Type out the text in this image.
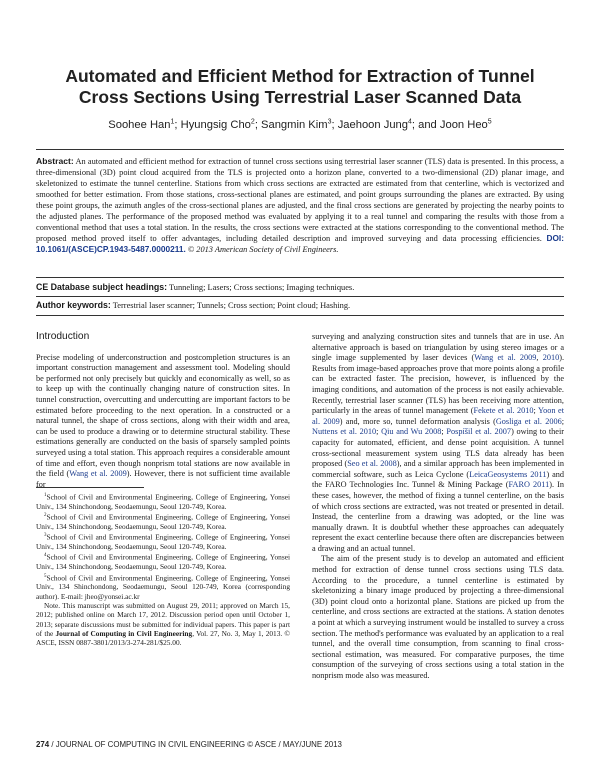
Automated and Efficient Method for Extraction of Tunnel
Cross Sections Using Terrestrial Laser Scanned Data
Soohee Han$^1$; Hyungsig Cho$^2$; Sangmin Kim$^3$; Jaehoon Jung$^4$; and Joon Heo$^5$
Abstract: An automated and efficient method for extraction of tunnel cross sections using terrestrial laser scanner (TLS) data is presented. In this process, a three-dimensional (3D) point cloud acquired from the TLS is projected onto a horizon plane, converted to a two-dimensional (2D) planar image, and skeletonized to estimate the tunnel centerline. Stations from which cross sections are extracted are estimated from that centerline, which is vectorized and smoothed for better estimation. From those stations, cross-sectional planes are estimated, and point groups surrounding the planes are extracted. By using these point groups, the azimuth angles of the cross-sectional planes are adjusted, and the final cross sections are generated by projecting the nearby points to the adjusted planes. The performance of the proposed method was evaluated by applying it to a real tunnel and comparing the results with those from a conventional method that uses a total station. In the results, the cross sections were extracted at the stations corresponding to the conventional method. The proposed method proved itself to offer advantages, including detailed description and improved surveying and data processing efficiencies. DOI: 10.1061/(ASCE)CP.1943-5487.0000211. © 2013 American Society of Civil Engineers.
CE Database subject headings: Tunneling; Lasers; Cross sections; Imaging techniques.
Author keywords: Terrestrial laser scanner; Tunnels; Cross section; Point cloud; Hashing.
Introduction

Precise modeling of underconstruction and postcompletion structures is an important construction management and assessment tool. Modeling should be performed not only precisely but quickly and economically as well, so as to keep up with the continually changing nature of construction sites. In tunnel construction, overcutting and undercutting are important factors to be estimated before proceeding to the next operation. In a constructed or a natural tunnel, the shape of cross sections, along with their width and area, can be used to produce a drawing or to determine structural stability. These estimations generally are conducted on the basis of sparsely sampled points surveyed using a total station. This approach requires a considerable amount of time and effort, even though nonprism total stations are now available in the field (Wang et al. 2009). However, there is not sufficient time available for

$^1$School of Civil and Environmental Engineering, College of Engineering, Yonsei Univ., 134 Shinchondong, Seodaemungu, Seoul 120-749, Korea.

$^2$School of Civil and Environmental Engineering, College of Engineering, Yonsei Univ., 134 Shinchondong, Seodaemungu, Seoul 120-749, Korea.

$^3$School of Civil and Environmental Engineering, College of Engineering, Yonsei Univ., 134 Shinchondong, Seodaemungu, Seoul 120-749, Korea.

$^4$School of Civil and Environmental Engineering, College of Engineering, Yonsei Univ., 134 Shinchondong, Seodaemungu, Seoul 120-749, Korea.

$^5$School of Civil and Environmental Engineering, College of Engineering, Yonsei Univ., 134 Shinchondong, Seodaemungu, Seoul 120-749, Korea (corresponding author). E-mail: jheo@yonsei.ac.kr

Note. This manuscript was submitted on August 29, 2011; approved on March 15, 2012; published online on March 17, 2012. Discussion period open until October 1, 2013; separate discussions must be submitted for individual papers. This paper is part of the Journal of Computing in Civil Engineering, Vol. 27, No. 3, May 1, 2013. © ASCE, ISSN 0887-3801/2013/3-274-281/$25.00.

surveying and analyzing construction sites and tunnels that are in use. An alternative approach is based on triangulation by using stereo images or a single image supplemented by laser devices (Wang et al. 2009, 2010). Results from image-based approaches prove that more points along a profile can be extracted faster. The precision, however, is influenced by the imaging conditions, and automation of the process is not easily achievable. Recently, terrestrial laser scanner (TLS) has been receiving more attention, particularly in the areas of tunnel management (Fekete et al. 2010; Yoon et al. 2009) and, more so, tunnel deformation analysis (Gosliga et al. 2006; Nuttens et al. 2010; Qiu and Wu 2008; Pospíšil et al. 2007) owing to their capacity for automated, efficient, and dense point acquisition. A tunnel cross-sectional measurement system using TLS data already has been proposed (Seo et al. 2008), and a similar approach has been implemented in commercial software, such as Leica Cyclone (LeicaGeosystems 2011) and the FARO Technologies Inc. Tunnel & Mining Package (FARO 2011). In these cases, however, the method of fixing a tunnel centerline, on the basis of which cross sections are extracted, was not treated or presented in detail. Instead, the centerline from a drawing was adopted, or the line was manually drawn. It is doubtful whether these approaches can adequately represent the exact centerline because there often are discrepancies between a drawing and an actual tunnel.

The aim of the present study is to develop an automated and efficient method for extraction of dense tunnel cross sections using TLS data. According to the procedure, a tunnel centerline is estimated by skeletonizing a binary image produced by projecting a three-dimensional (3D) point cloud onto a horizontal plane. Stations are picked up from the centerline, and cross sections are extracted at the stations. A station denotes a point at which a surveying instrument would be installed to survey a cross section. The method's performance was evaluated by an application to a real tunnel, and the overall time consumption, from scanning to final cross-sectional estimation, was measured. For comparative purposes, the time consumption of the surveying of cross sections using a total station in the nonprism mode also was measured.

274 / JOURNAL OF COMPUTING IN CIVIL ENGINEERING © ASCE / MAY/JUNE 2013
